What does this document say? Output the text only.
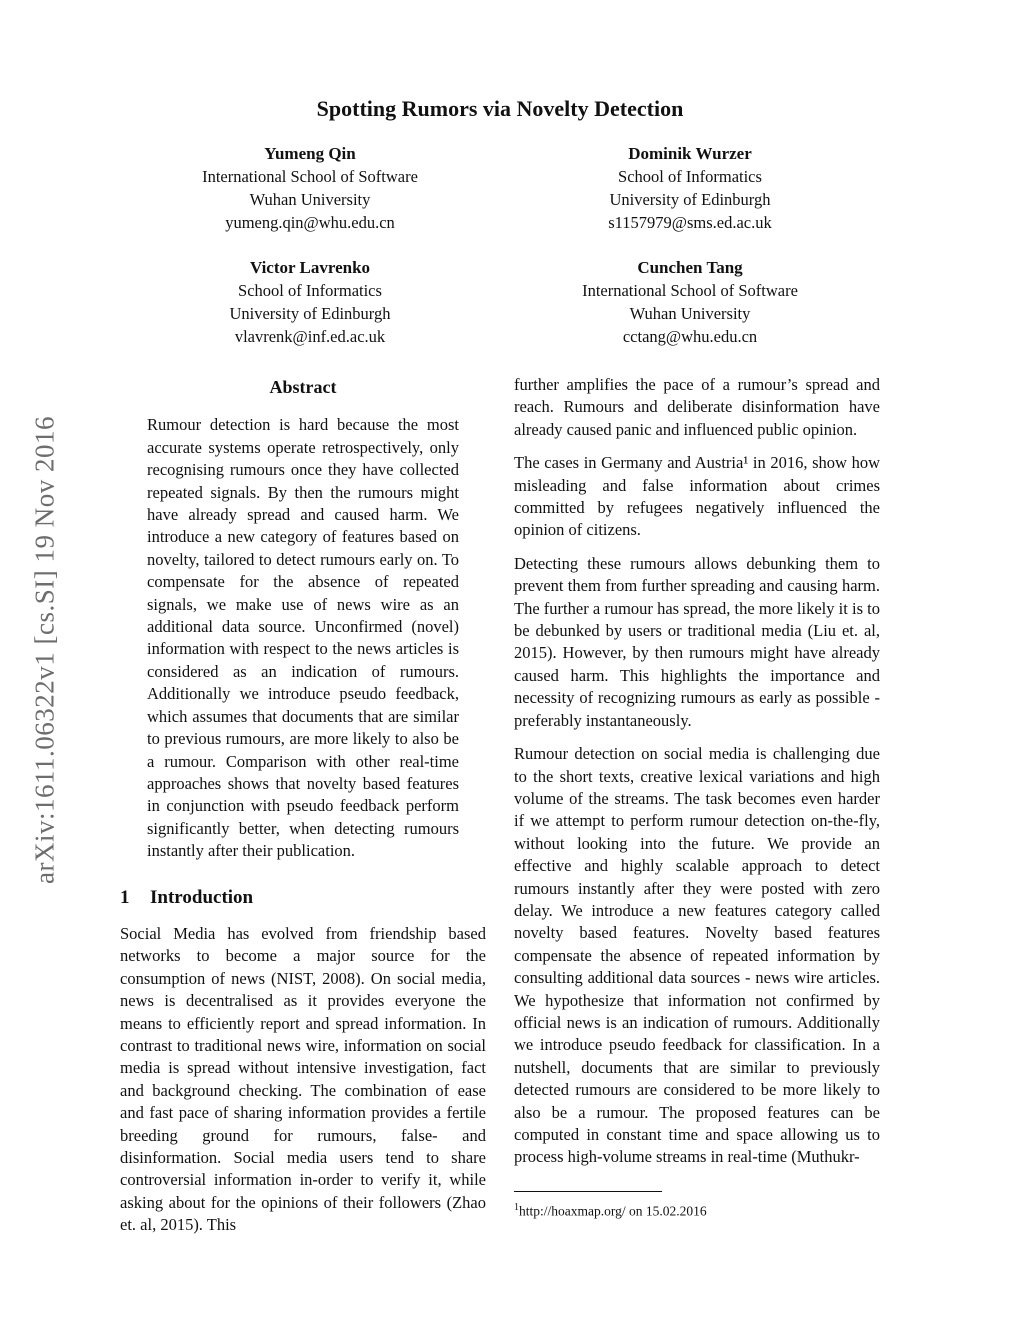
arXiv:1611.06322v1 [cs.SI] 19 Nov 2016
Spotting Rumors via Novelty Detection
Yumeng Qin
International School of Software
Wuhan University
yumeng.qin@whu.edu.cn
Dominik Wurzer
School of Informatics
University of Edinburgh
s1157979@sms.ed.ac.uk
Victor Lavrenko
School of Informatics
University of Edinburgh
vlavrenk@inf.ed.ac.uk
Cunchen Tang
International School of Software
Wuhan University
cctang@whu.edu.cn
Abstract

Rumour detection is hard because the most accurate systems operate retrospectively, only recognising rumours once they have collected repeated signals. By then the rumours might have already spread and caused harm. We introduce a new category of features based on novelty, tailored to detect rumours early on. To compensate for the absence of repeated signals, we make use of news wire as an additional data source. Unconfirmed (novel) information with respect to the news articles is considered as an indication of rumours. Additionally we introduce pseudo feedback, which assumes that documents that are similar to previous rumours, are more likely to also be a rumour. Comparison with other real-time approaches shows that novelty based features in conjunction with pseudo feedback perform significantly better, when detecting rumours instantly after their publication.

1 Introduction

Social Media has evolved from friendship based networks to become a major source for the consumption of news (NIST, 2008). On social media, news is decentralised as it provides everyone the means to efficiently report and spread information. In contrast to traditional news wire, information on social media is spread without intensive investigation, fact and background checking. The combination of ease and fast pace of sharing information provides a fertile breeding ground for rumours, false- and disinformation. Social media users tend to share controversial information in-order to verify it, while asking about for the opinions of their followers (Zhao et. al, 2015). This

further amplifies the pace of a rumour’s spread and reach. Rumours and deliberate disinformation have already caused panic and influenced public opinion.

The cases in Germany and Austria¹ in 2016, show how misleading and false information about crimes committed by refugees negatively influenced the opinion of citizens.

Detecting these rumours allows debunking them to prevent them from further spreading and causing harm. The further a rumour has spread, the more likely it is to be debunked by users or traditional media (Liu et. al, 2015). However, by then rumours might have already caused harm. This highlights the importance and necessity of recognizing rumours as early as possible - preferably instantaneously.

Rumour detection on social media is challenging due to the short texts, creative lexical variations and high volume of the streams. The task becomes even harder if we attempt to perform rumour detection on-the-fly, without looking into the future. We provide an effective and highly scalable approach to detect rumours instantly after they were posted with zero delay. We introduce a new features category called novelty based features. Novelty based features compensate the absence of repeated information by consulting additional data sources - news wire articles. We hypothesize that information not confirmed by official news is an indication of rumours. Additionally we introduce pseudo feedback for classification. In a nutshell, documents that are similar to previously detected rumours are considered to be more likely to also be a rumour. The proposed features can be computed in constant time and space allowing us to process high-volume streams in real-time (Muthukr-

$^1$http://hoaxmap.org/ on 15.02.2016
